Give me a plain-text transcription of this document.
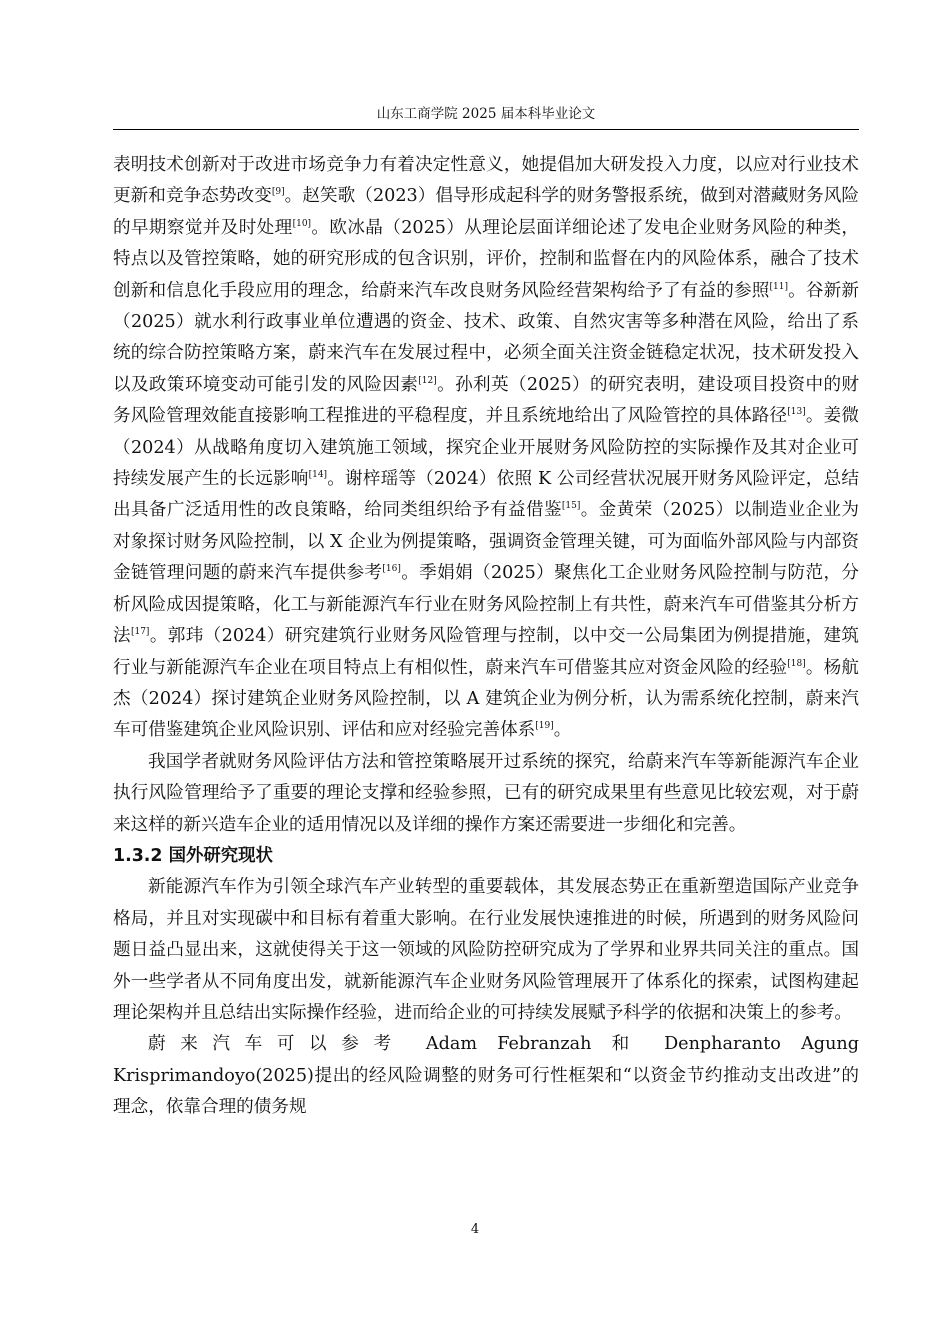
山东工商学院 2025 届本科毕业论文

表明技术创新对于改进市场竞争力有着决定性意义，她提倡加大研发投入力度，以应对行业技术更新和竞争态势改变[9]。赵笑歌（2023）倡导形成起科学的财务警报系统，做到对潜藏财务风险的早期察觉并及时处理[10]。欧冰晶（2025）从理论层面详细论述了发电企业财务风险的种类，特点以及管控策略，她的研究形成的包含识别，评价，控制和监督在内的风险体系，融合了技术创新和信息化手段应用的理念，给蔚来汽车改良财务风险经营架构给予了有益的参照[11]。谷新新（2025）就水利行政事业单位遭遇的资金、技术、政策、自然灾害等多种潜在风险，给出了系统的综合防控策略方案，蔚来汽车在发展过程中，必须全面关注资金链稳定状况，技术研发投入以及政策环境变动可能引发的风险因素[12]。孙利英（2025）的研究表明，建设项目投资中的财务风险管理效能直接影响工程推进的平稳程度，并且系统地给出了风险管控的具体路径[13]。姜微（2024）从战略角度切入建筑施工领域，探究企业开展财务风险防控的实际操作及其对企业可持续发展产生的长远影响[14]。谢梓瑶等（2024）依照 K 公司经营状况展开财务风险评定，总结出具备广泛适用性的改良策略，给同类组织给予有益借鉴[15]。金黄荣（2025）以制造业企业为对象探讨财务风险控制，以 X 企业为例提策略，强调资金管理关键，可为面临外部风险与内部资金链管理问题的蔚来汽车提供参考[16]。季娟娟（2025）聚焦化工企业财务风险控制与防范，分析风险成因提策略，化工与新能源汽车行业在财务风险控制上有共性，蔚来汽车可借鉴其分析方法[17]。郭玮（2024）研究建筑行业财务风险管理与控制，以中交一公局集团为例提措施，建筑行业与新能源汽车企业在项目特点上有相似性，蔚来汽车可借鉴其应对资金风险的经验[18]。杨航杰（2024）探讨建筑企业财务风险控制，以 A 建筑企业为例分析，认为需系统化控制，蔚来汽车可借鉴建筑企业风险识别、评估和应对经验完善体系[19]。

我国学者就财务风险评估方法和管控策略展开过系统的探究，给蔚来汽车等新能源汽车企业执行风险管理给予了重要的理论支撑和经验参照，已有的研究成果里有些意见比较宏观，对于蔚来这样的新兴造车企业的适用情况以及详细的操作方案还需要进一步细化和完善。

1.3.2 国外研究现状

新能源汽车作为引领全球汽车产业转型的重要载体，其发展态势正在重新塑造国际产业竞争格局，并且对实现碳中和目标有着重大影响。在行业发展快速推进的时候，所遇到的财务风险问题日益凸显出来，这就使得关于这一领域的风险防控研究成为了学界和业界共同关注的重点。国外一些学者从不同角度出发，就新能源汽车企业财务风险管理展开了体系化的探索，试图构建起理论架构并且总结出实际操作经验，进而给企业的可持续发展赋予科学的依据和决策上的参考。

蔚来汽车可以参考 Adam Febranzah 和 Denpharanto Agung Krisprimandoyo(2025)提出的经风险调整的财务可行性框架和“以资金节约推动支出改进”的理念，依靠合理的债务规

4
